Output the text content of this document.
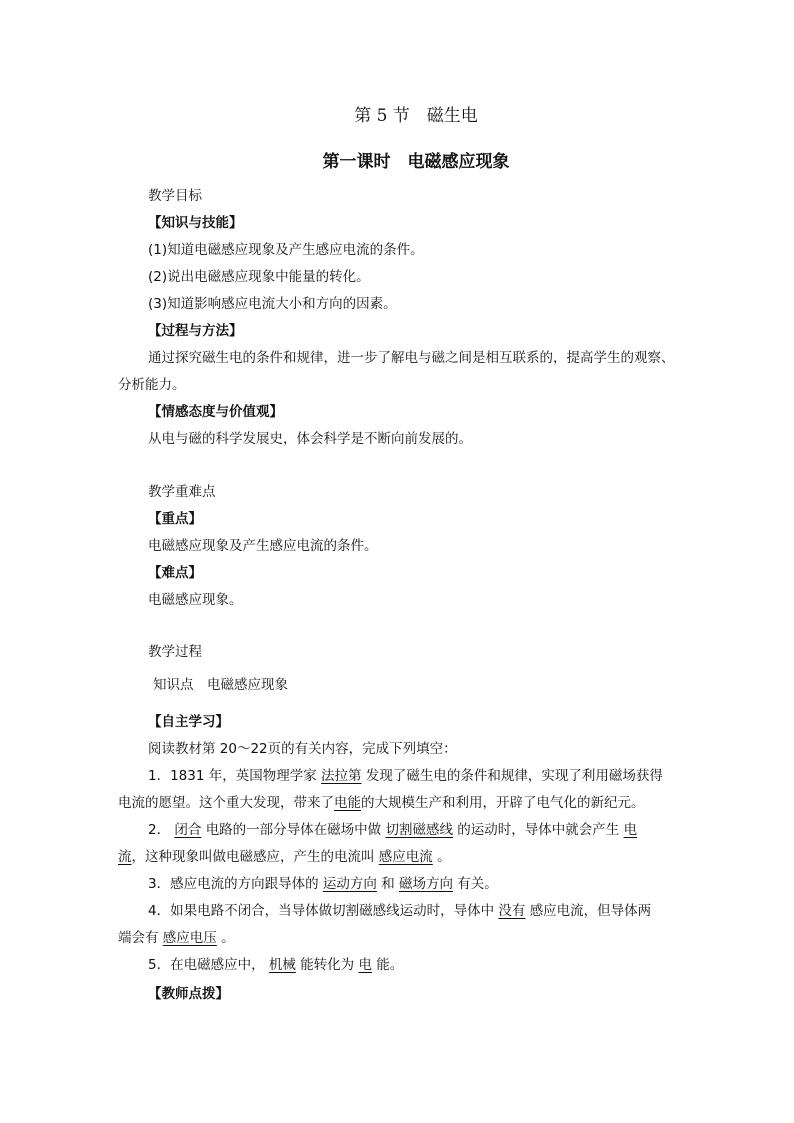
第 5 节　磁生电
第一课时　电磁感应现象
教学目标
【知识与技能】
(1)知道电磁感应现象及产生感应电流的条件。
(2)说出电磁感应现象中能量的转化。
(3)知道影响感应电流大小和方向的因素。
【过程与方法】
通过探究磁生电的条件和规律，进一步了解电与磁之间是相互联系的，提高学生的观察、
分析能力。
【情感态度与价值观】
从电与磁的科学发展史，体会科学是不断向前发展的。
教学重难点
【重点】
电磁感应现象及产生感应电流的条件。
【难点】
电磁感应现象。
教学过程
知识点　电磁感应现象
【自主学习】
阅读教材第 20～22页的有关内容，完成下列填空：
1．1831 年，英国物理学家 法拉第 发现了磁生电的条件和规律，实现了利用磁场获得
电流的愿望。这个重大发现，带来了电能的大规模生产和利用，开辟了电气化的新纪元。
2． 闭合 电路的一部分导体在磁场中做 切割磁感线 的运动时，导体中就会产生 电
流，这种现象叫做电磁感应，产生的电流叫 感应电流 。
3．感应电流的方向跟导体的 运动方向 和 磁场方向 有关。
4．如果电路不闭合，当导体做切割磁感线运动时，导体中 没有 感应电流，但导体两
端会有 感应电压 。
5．在电磁感应中， 机械 能转化为 电 能。
【教师点拨】
